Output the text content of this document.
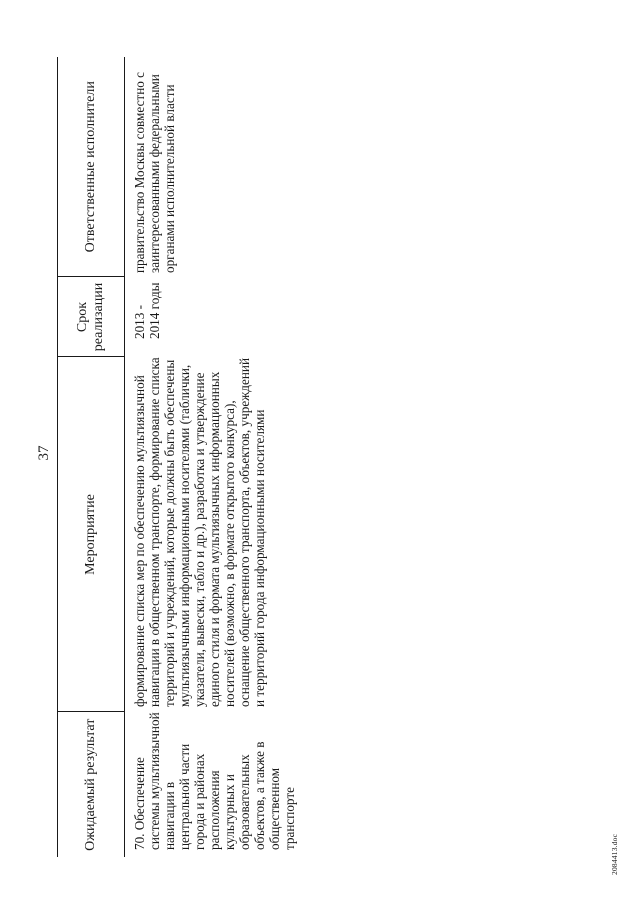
37
Ожидаемый результат	Мероприятие	Срок реализации	Ответственные исполнители
70. Обеспечение системы мультиязычной навигации в центральной части города и районах расположения культурных и образовательных объектов, а также в общественном транспорте	формирование списка мер по обеспечению мультиязычной навигации в общественном транспорте, формирование списка территорий и учреждений, которые должны быть обеспечены мультиязычными информационными носителями (таблички, указатели, вывески, табло и др.), разработка и утверждение единого стиля и формата мультиязычных информационных носителей (возможно, в формате открытого конкурса), оснащение общественного транспорта, объектов, учреждений и территорий города информационными носителями	2013 - 2014 годы	правительство Москвы совместно с заинтересованными федеральными органами исполнительной власти
2084413.doc
